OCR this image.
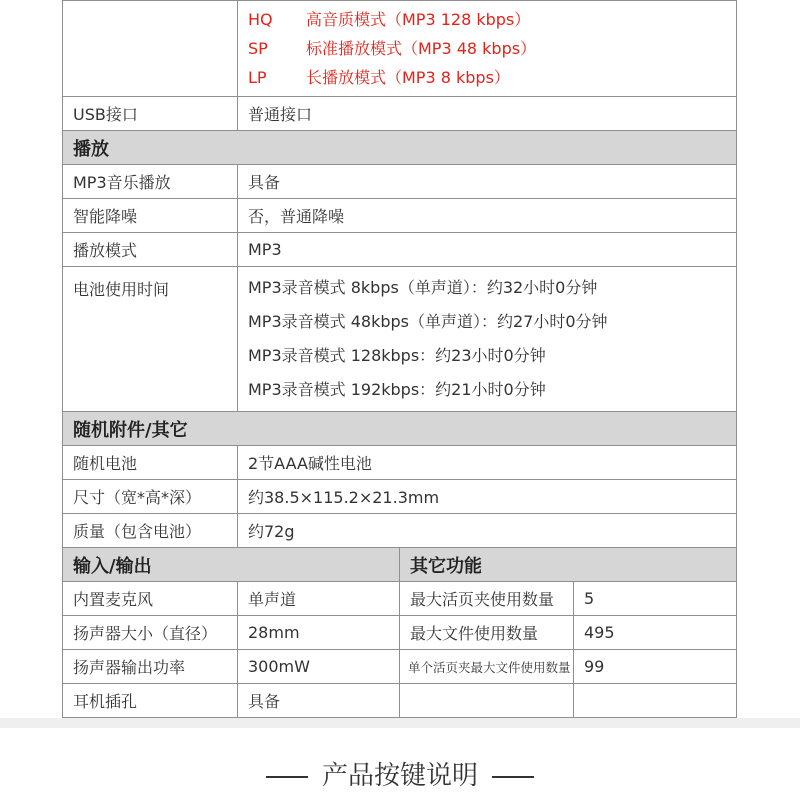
	HQ 高音质模式（MP3 128 kbps）
SP 标准播放模式（MP3 48 kbps）
LP 长播放模式（MP3 8 kbps）		

USB接口	普通接口		
播放			
MP3音乐播放	具备		
智能降噪	否，普通降噪		
播放模式	MP3		
电池使用时间	MP3录音模式 8kbps（单声道）：约32小时0分钟
MP3录音模式 48kbps（单声道）：约27小时0分钟
MP3录音模式 128kbps：约23小时0分钟
MP3录音模式 192kbps：约21小时0分钟		

随机附件/其它			
随机电池	2节AAA碱性电池		
尺寸（宽*高*深）	约38.5×115.2×21.3mm		
质量（包含电池）	约72g		
输入/输出		其它功能	
内置麦克风	单声道	最大活页夹使用数量	5
扬声器大小（直径）	28mm	最大文件使用数量	495
扬声器输出功率	300mW	单个活页夹最大文件使用数量	99
耳机插孔	具备		
产品按键说明
